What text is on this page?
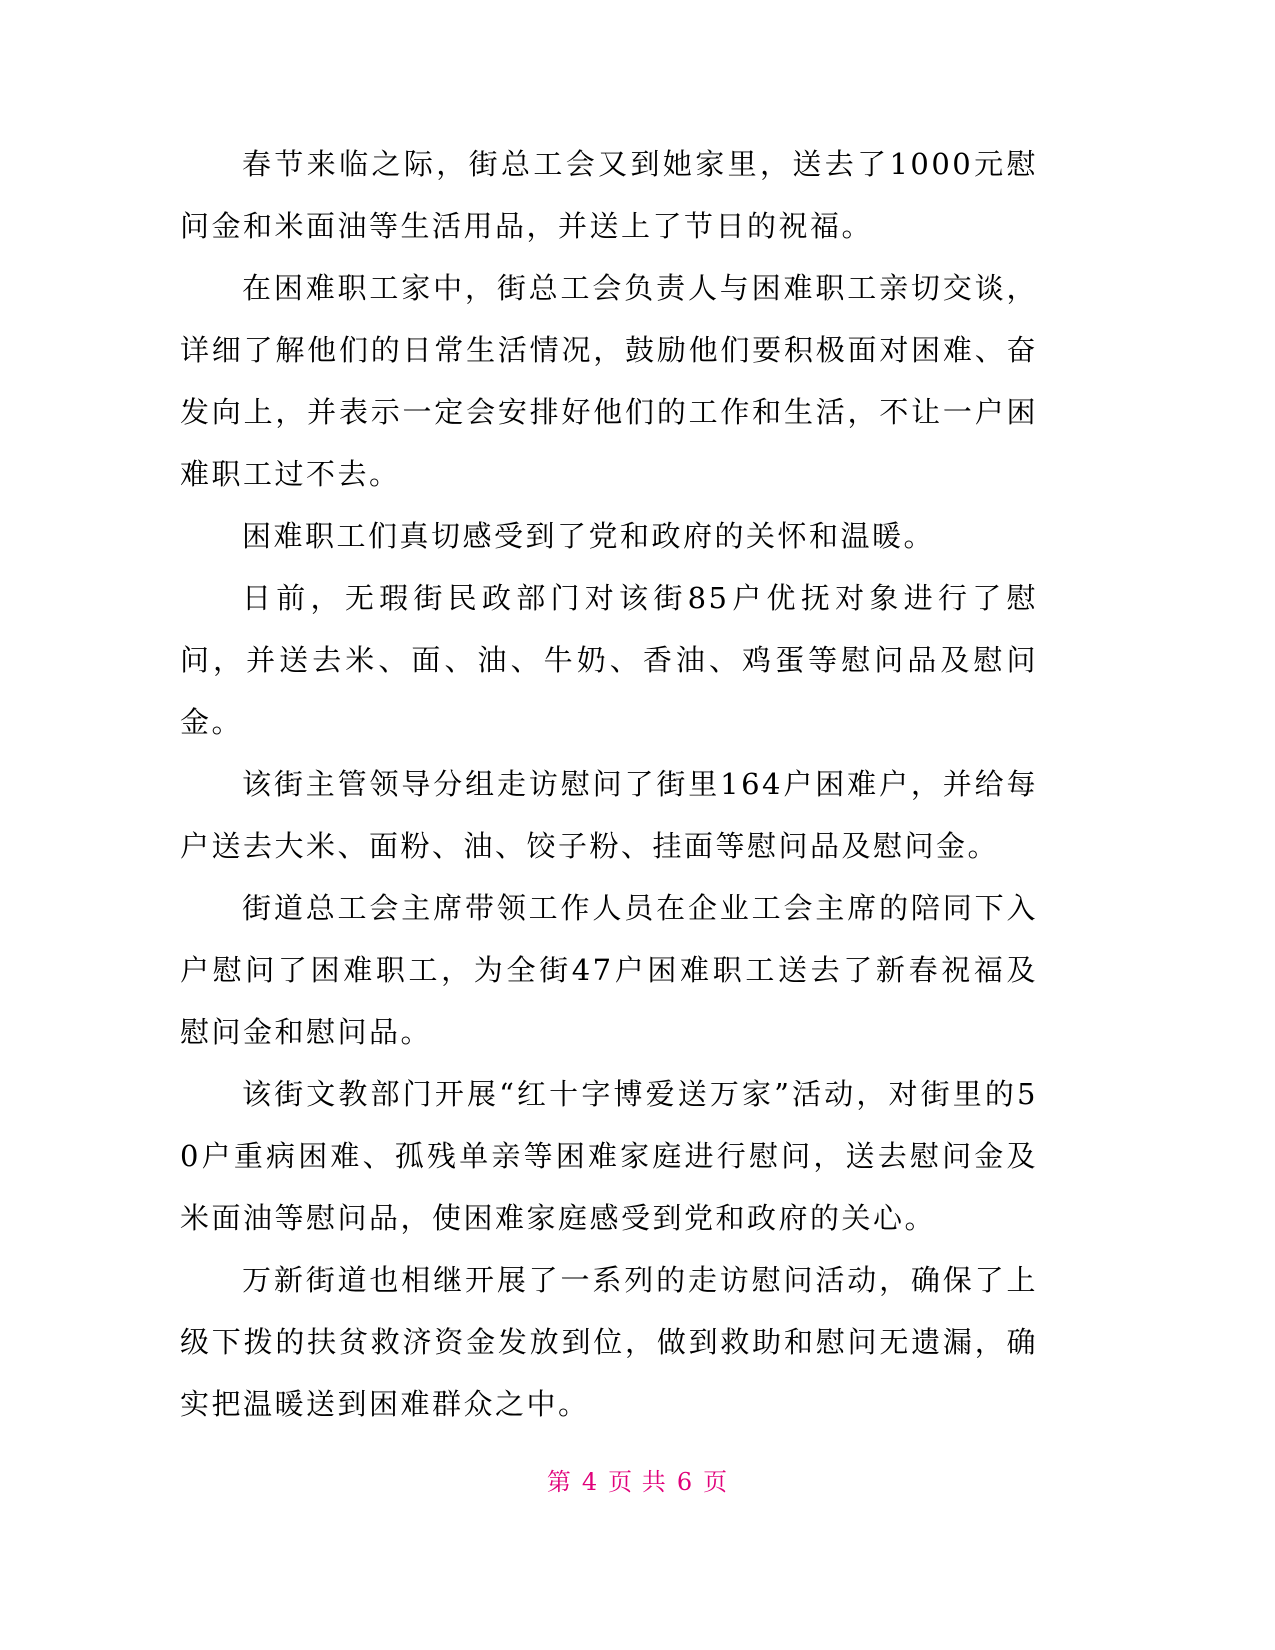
春节来临之际，街总工会又到她家里，送去了1000元慰问金和米面油等生活用品，并送上了节日的祝福。

在困难职工家中，街总工会负责人与困难职工亲切交谈，详细了解他们的日常生活情况，鼓励他们要积极面对困难、奋发向上，并表示一定会安排好他们的工作和生活，不让一户困难职工过不去。

困难职工们真切感受到了党和政府的关怀和温暖。

日前，无瑕街民政部门对该街85户优抚对象进行了慰问，并送去米、面、油、牛奶、香油、鸡蛋等慰问品及慰问金。

该街主管领导分组走访慰问了街里164户困难户，并给每户送去大米、面粉、油、饺子粉、挂面等慰问品及慰问金。

街道总工会主席带领工作人员在企业工会主席的陪同下入户慰问了困难职工，为全街47户困难职工送去了新春祝福及慰问金和慰问品。

该街文教部门开展“红十字博爱送万家”活动，对街里的50户重病困难、孤残单亲等困难家庭进行慰问，送去慰问金及米面油等慰问品，使困难家庭感受到党和政府的关心。

万新街道也相继开展了一系列的走访慰问活动，确保了上级下拨的扶贫救济资金发放到位，做到救助和慰问无遗漏，确实把温暖送到困难群众之中。

第 4 页 共 6 页
